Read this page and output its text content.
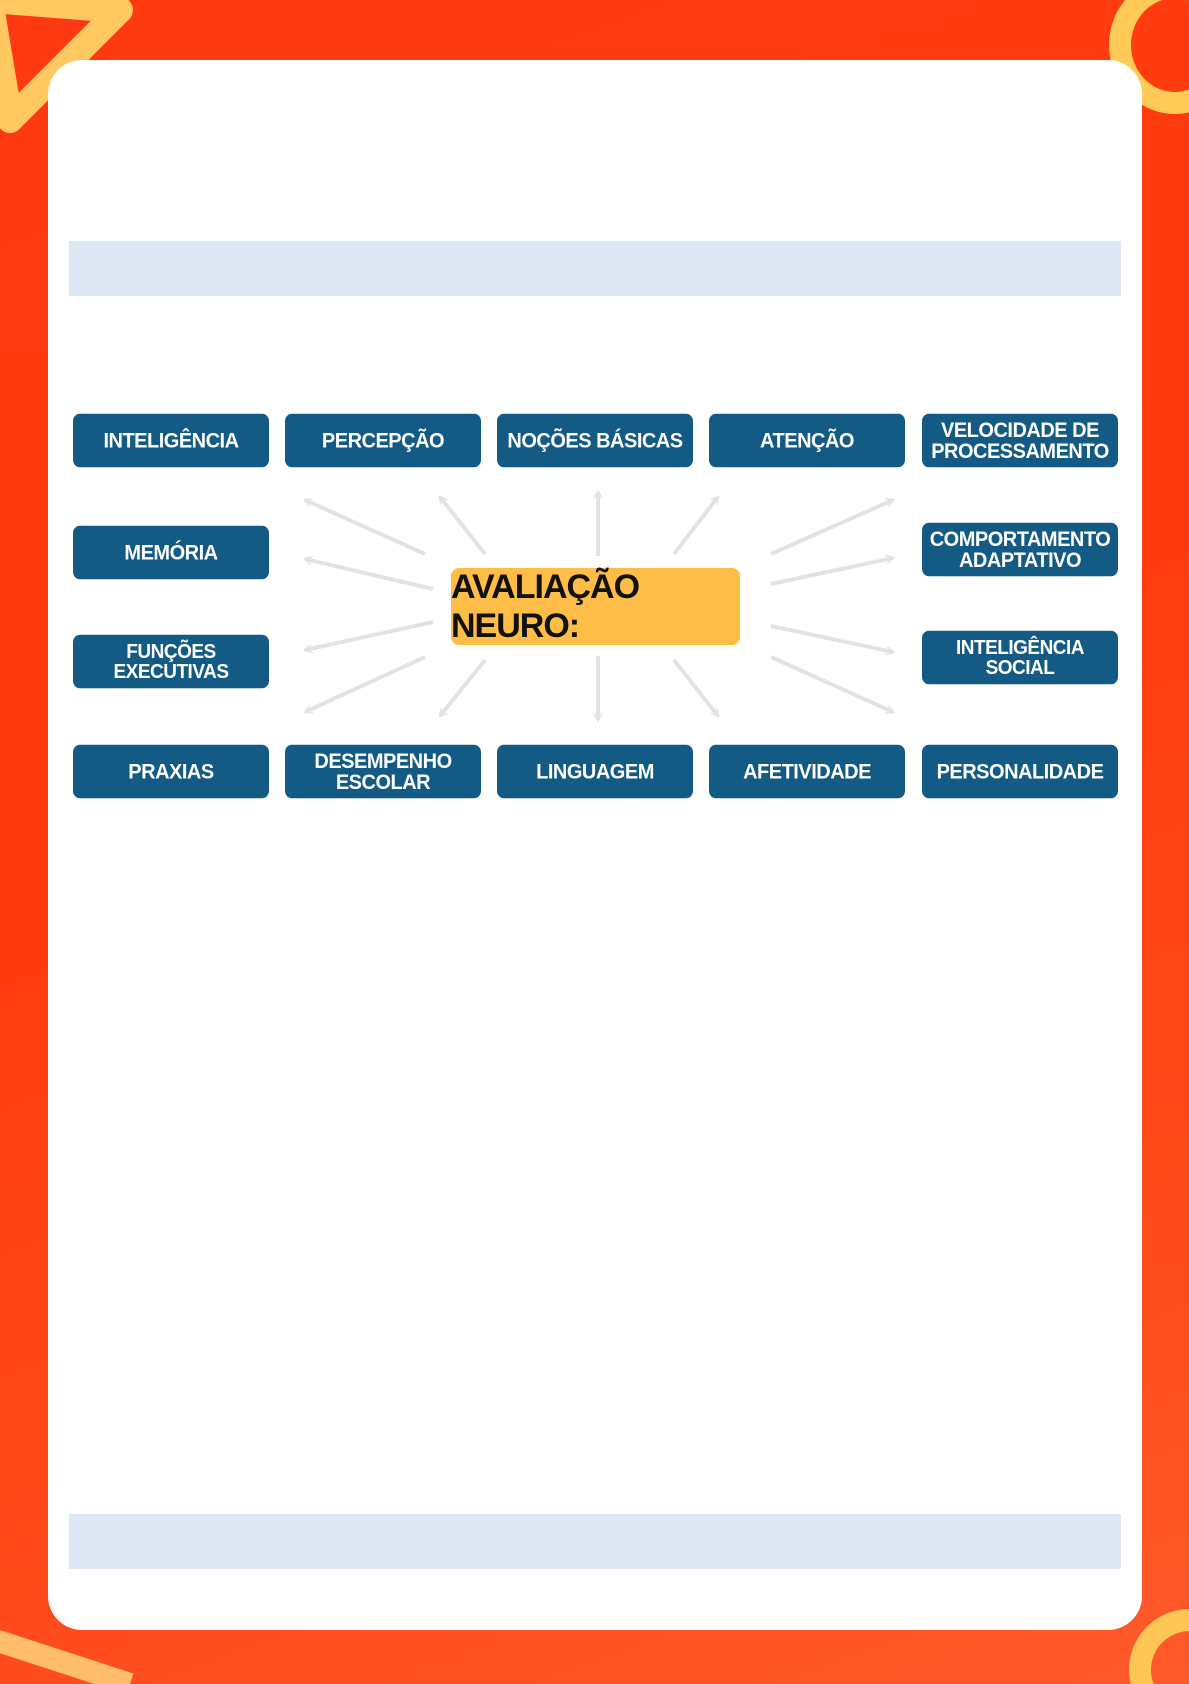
AVALIAÇÃO NEURO:
INTELIGÊNCIA	PERCEPÇÃO	NOÇÕES BÁSICAS	ATENÇÃO	VELOCIDADE DE
PROCESSAMENTO
MEMÓRIA
COMPORTAMENTO
ADAPTATIVO
FUNÇÕES EXECUTIVAS
INTELIGÊNCIA SOCIAL
PRAXIAS	DESEMPENHO
ESCOLAR	LINGUAGEM	AFETIVIDADE	PERSONALIDADE
